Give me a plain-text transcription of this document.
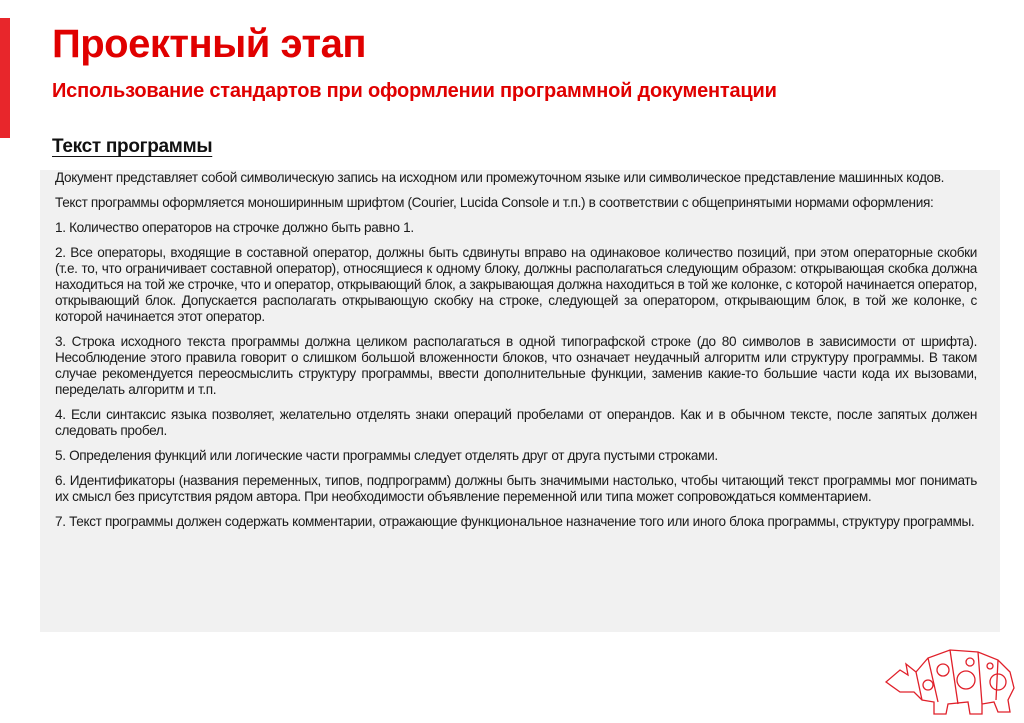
Проектный этап
Использование стандартов при оформлении программной документации
Текст программы

Документ представляет собой символическую запись на исходном или промежуточном языке или символическое представление машинных кодов.

Текст программы оформляется моноширинным шрифтом (Courier, Lucida Console и т.п.) в соответствии с общепринятыми нормами оформления:

1. Количество операторов на строчке должно быть равно 1.

2. Все операторы, входящие в составной оператор, должны быть сдвинуты вправо на одинаковое количество позиций, при этом операторные скобки (т.е. то, что ограничивает составной оператор), относящиеся к одному блоку, должны располагаться следующим образом: открывающая скобка должна находиться на той же строчке, что и оператор, открывающий блок, а закрывающая должна находиться в той же колонке, с которой начинается оператор, открывающий блок. Допускается располагать открывающую скобку на строке, следующей за оператором, открывающим блок, в той же колонке, с которой начинается этот оператор.

3. Строка исходного текста программы должна целиком располагаться в одной типографской строке (до 80 символов в зависимости от шрифта). Несоблюдение этого правила говорит о слишком большой вложенности блоков, что означает неудачный алгоритм или структуру программы. В таком случае рекомендуется переосмыслить структуру программы, ввести дополнительные функции, заменив какие-то большие части кода их вызовами, переделать алгоритм и т.п.

4. Если синтаксис языка позволяет, желательно отделять знаки операций пробелами от операндов. Как и в обычном тексте, после запятых должен следовать пробел.

5. Определения функций или логические части программы следует отделять друг от друга пустыми строками.

6. Идентификаторы (названия переменных, типов, подпрограмм) должны быть значимыми настолько, чтобы читающий текст программы мог понимать их смысл без присутствия рядом автора. При необходимости объявление переменной или типа может сопровождаться комментарием.

7. Текст программы должен содержать комментарии, отражающие функциональное назначение того или иного блока программы, структуру программы.
